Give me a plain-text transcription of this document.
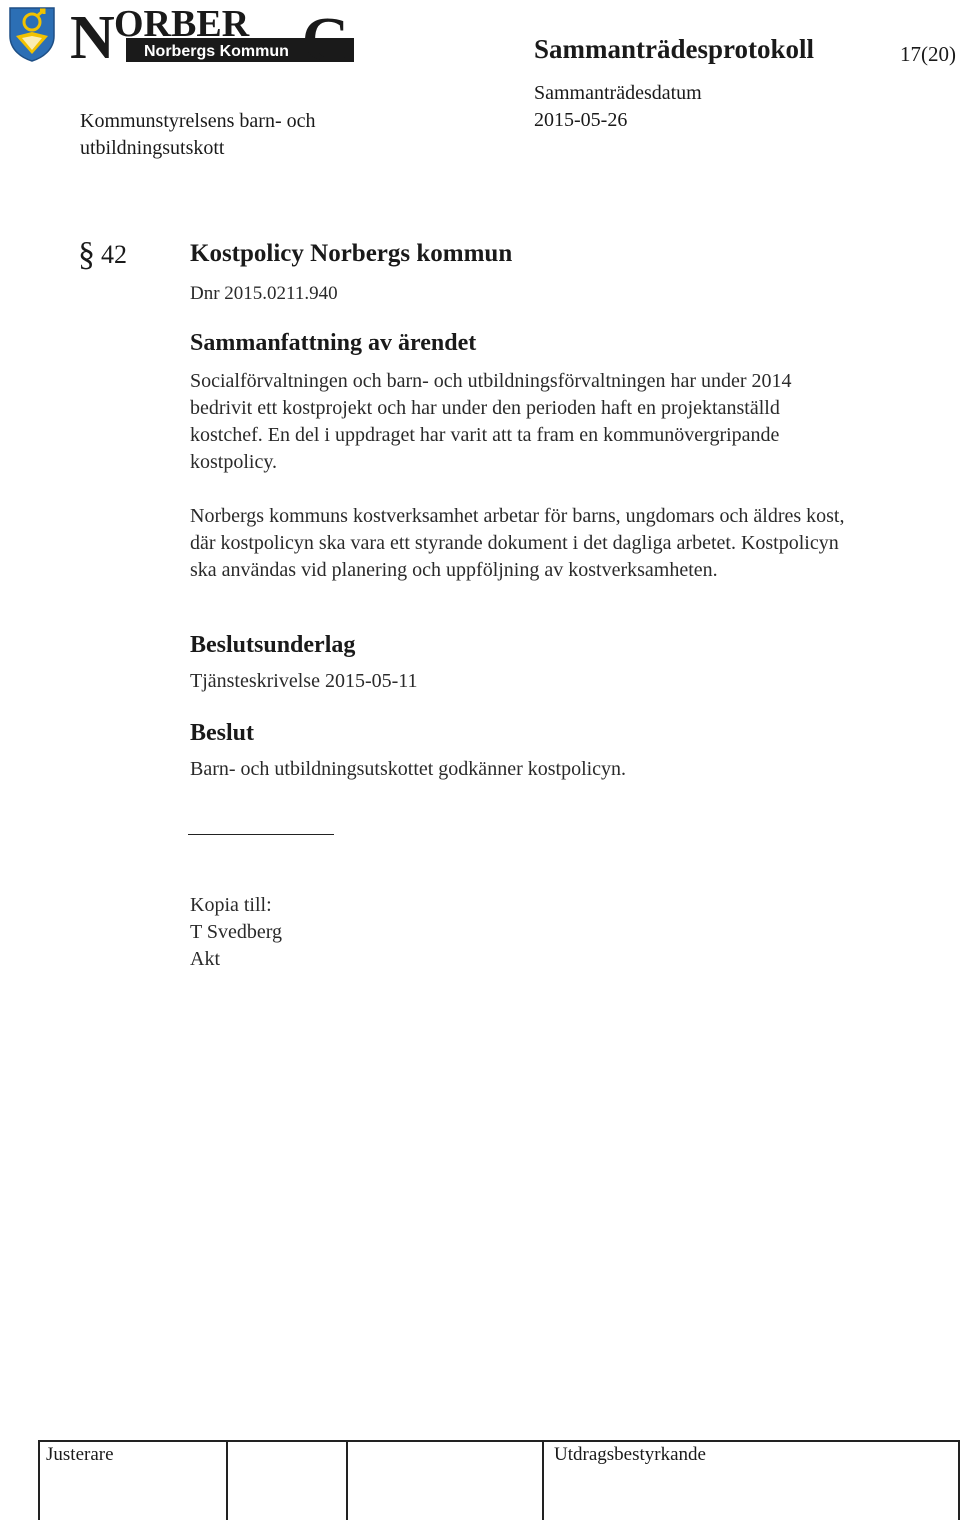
N ORBER G
Norbergs Kommun	Sammanträdesprotokoll	17(20)
Kommunstyrelsens barn- och
utbildningsutskott
Sammanträdesdatum
2015-05-26
§ 42	Kostpolicy Norbergs kommun
Dnr 2015.0211.940
Sammanfattning av ärendet

Socialförvaltningen och barn- och utbildningsförvaltningen har under 2014 bedrivit ett kostprojekt och har under den perioden haft en projektanställd kostchef. En del i uppdraget har varit att ta fram en kommunövergripande kostpolicy.

Norbergs kommuns kostverksamhet arbetar för barns, ungdomars och äldres kost, där kostpolicyn ska vara ett styrande dokument i det dagliga arbetet. Kostpolicyn ska användas vid planering och uppföljning av kostverksamheten.

Beslutsunderlag
Tjänsteskrivelse 2015-05-11
Beslut
Barn- och utbildningsutskottet godkänner kostpolicyn.
Kopia till:
T Svedberg
Akt
Justerare	Utdragsbestyrkande
